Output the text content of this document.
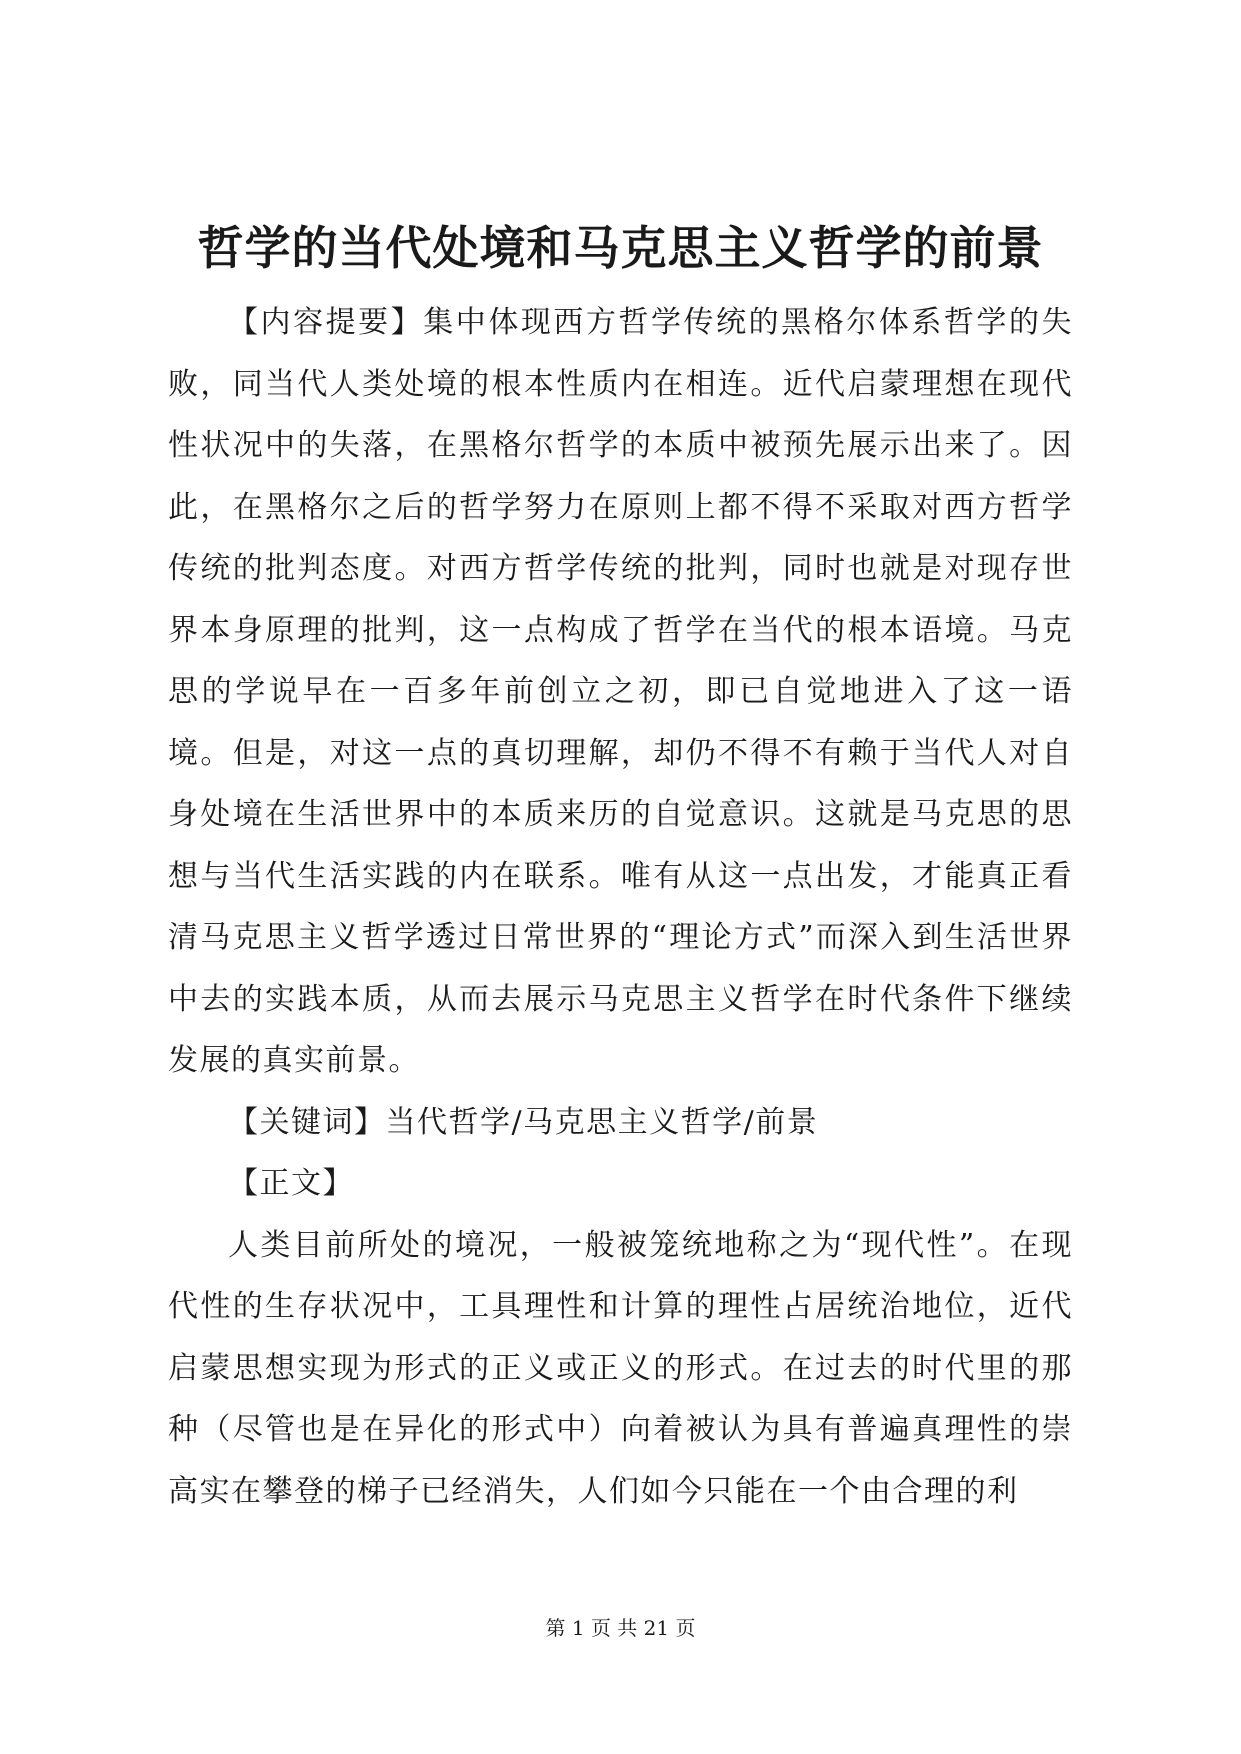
哲学的当代处境和马克思主义哲学的前景

【内容提要】集中体现西方哲学传统的黑格尔体系哲学的失败，同当代人类处境的根本性质内在相连。近代启蒙理想在现代性状况中的失落，在黑格尔哲学的本质中被预先展示出来了。因此，在黑格尔之后的哲学努力在原则上都不得不采取对西方哲学传统的批判态度。对西方哲学传统的批判，同时也就是对现存世界本身原理的批判，这一点构成了哲学在当代的根本语境。马克思的学说早在一百多年前创立之初，即已自觉地进入了这一语境。但是，对这一点的真切理解，却仍不得不有赖于当代人对自身处境在生活世界中的本质来历的自觉意识。这就是马克思的思想与当代生活实践的内在联系。唯有从这一点出发，才能真正看清马克思主义哲学透过日常世界的“理论方式”而深入到生活世界中去的实践本质，从而去展示马克思主义哲学在时代条件下继续发展的真实前景。

【关键词】当代哲学/马克思主义哲学/前景

【正文】

人类目前所处的境况，一般被笼统地称之为“现代性”。在现代性的生存状况中，工具理性和计算的理性占居统治地位，近代启蒙思想实现为形式的正义或正义的形式。在过去的时代里的那种（尽管也是在异化的形式中）向着被认为具有普遍真理性的崇高实在攀登的梯子已经消失，人们如今只能在一个由合理的利

第 1 页 共 21 页
